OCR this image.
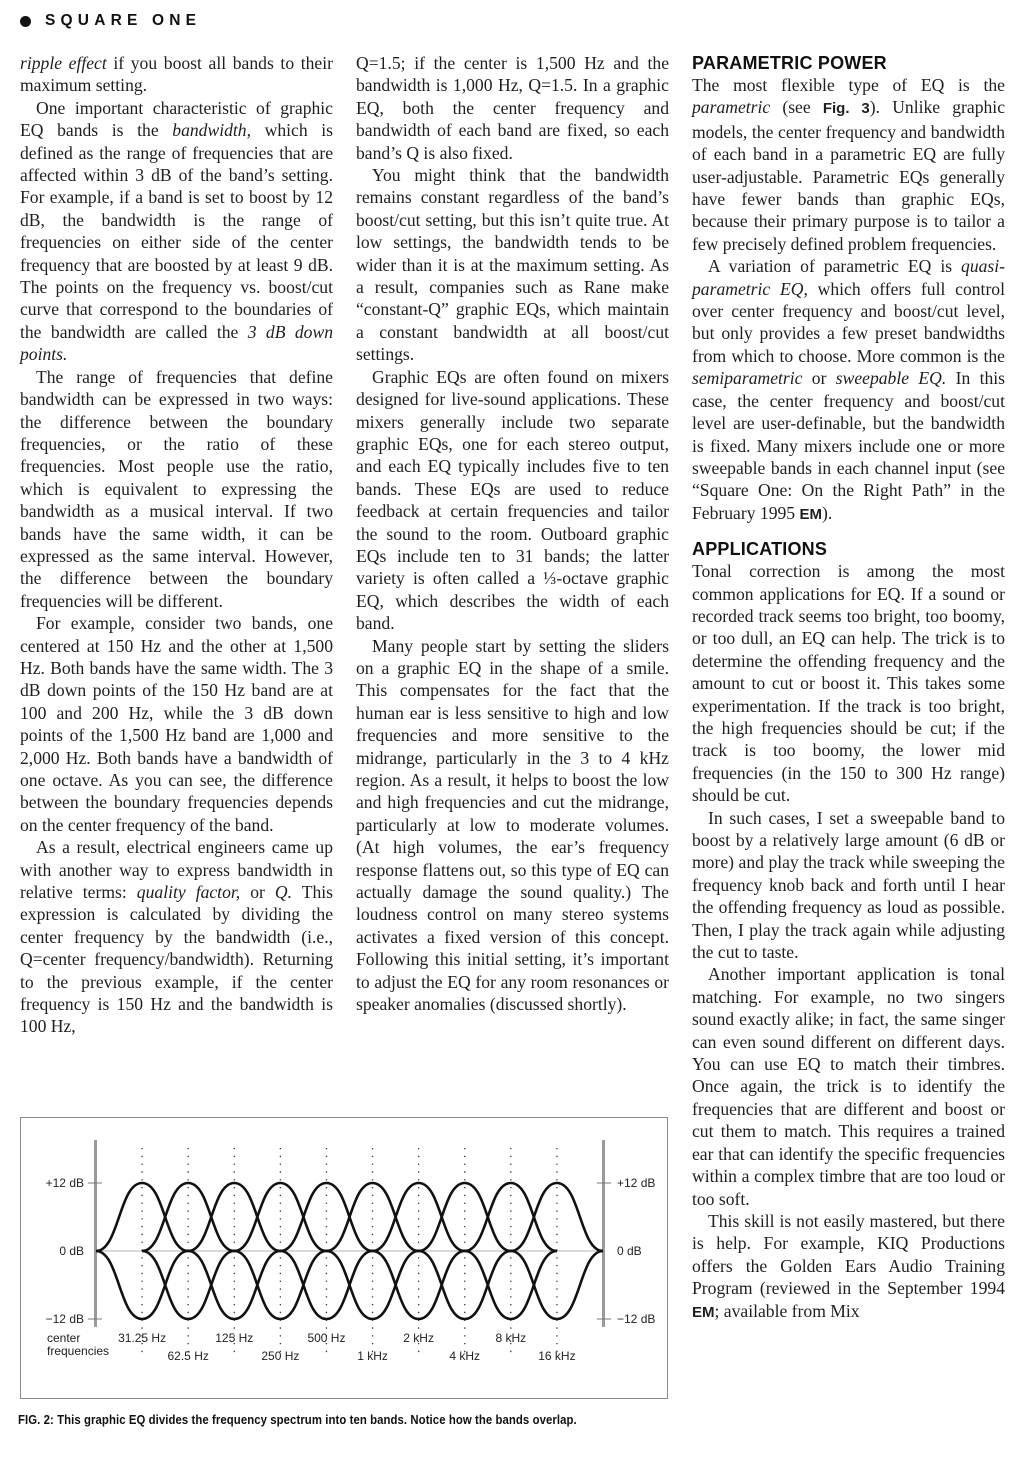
SQUARE ONE

ripple effect if you boost all bands to their maximum setting.

One important characteristic of graphic EQ bands is the bandwidth, which is defined as the range of frequencies that are affected within 3 dB of the band’s setting. For example, if a band is set to boost by 12 dB, the bandwidth is the range of frequencies on either side of the center frequency that are boosted by at least 9 dB. The points on the frequency vs. boost/cut curve that correspond to the boundaries of the bandwidth are called the 3 dB down points.

The range of frequencies that define bandwidth can be expressed in two ways: the difference between the boundary frequencies, or the ratio of these frequencies. Most people use the ratio, which is equivalent to expressing the bandwidth as a musical interval. If two bands have the same width, it can be expressed as the same interval. However, the difference between the boundary frequencies will be different.

For example, consider two bands, one centered at 150 Hz and the other at 1,500 Hz. Both bands have the same width. The 3 dB down points of the 150 Hz band are at 100 and 200 Hz, while the 3 dB down points of the 1,500 Hz band are 1,000 and 2,000 Hz. Both bands have a bandwidth of one octave. As you can see, the difference between the boundary frequencies depends on the center frequency of the band.

As a result, electrical engineers came up with another way to express bandwidth in relative terms: quality factor, or Q. This expression is calculated by dividing the center frequency by the bandwidth (i.e., Q=center frequency/bandwidth). Returning to the previous example, if the center frequency is 150 Hz and the bandwidth is 100 Hz,

Q=1.5; if the center is 1,500 Hz and the bandwidth is 1,000 Hz, Q=1.5. In a graphic EQ, both the center frequency and bandwidth of each band are fixed, so each band’s Q is also fixed.

You might think that the bandwidth remains constant regardless of the band’s boost/cut setting, but this isn’t quite true. At low settings, the bandwidth tends to be wider than it is at the maximum setting. As a result, companies such as Rane make “constant-Q” graphic EQs, which maintain a constant bandwidth at all boost/cut settings.

Graphic EQs are often found on mixers designed for live-sound applications. These mixers generally include two separate graphic EQs, one for each stereo output, and each EQ typically includes five to ten bands. These EQs are used to reduce feedback at certain frequencies and tailor the sound to the room. Outboard graphic EQs include ten to 31 bands; the latter variety is often called a ⅓-octave graphic EQ, which describes the width of each band.

Many people start by setting the sliders on a graphic EQ in the shape of a smile. This compensates for the fact that the human ear is less sensitive to high and low frequencies and more sensitive to the midrange, particularly in the 3 to 4 kHz region. As a result, it helps to boost the low and high frequencies and cut the midrange, particularly at low to moderate volumes. (At high volumes, the ear’s frequency response flattens out, so this type of EQ can actually damage the sound quality.) The loudness control on many stereo systems activates a fixed version of this concept. Following this initial setting, it’s important to adjust the EQ for any room resonances or speaker anomalies (discussed shortly).

PARAMETRIC POWER

The most flexible type of EQ is the parametric (see Fig. 3). Unlike graphic models, the center frequency and bandwidth of each band in a parametric EQ are fully user-adjustable. Parametric EQs generally have fewer bands than graphic EQs, because their primary purpose is to tailor a few precisely defined problem frequencies.

A variation of parametric EQ is quasi-parametric EQ, which offers full control over center frequency and boost/cut level, but only provides a few preset bandwidths from which to choose. More common is the semiparametric or sweepable EQ. In this case, the center frequency and boost/cut level are user-definable, but the bandwidth is fixed. Many mixers include one or more sweepable bands in each channel input (see “Square One: On the Right Path” in the February 1995 EM).

APPLICATIONS

Tonal correction is among the most common applications for EQ. If a sound or recorded track seems too bright, too boomy, or too dull, an EQ can help. The trick is to determine the offending frequency and the amount to cut or boost it. This takes some experimentation. If the track is too bright, the high frequencies should be cut; if the track is too boomy, the lower mid frequencies (in the 150 to 300 Hz range) should be cut.

In such cases, I set a sweepable band to boost by a relatively large amount (6 dB or more) and play the track while sweeping the frequency knob back and forth until I hear the offending frequency as loud as possible. Then, I play the track again while adjusting the cut to taste.

Another important application is tonal matching. For example, no two singers sound exactly alike; in fact, the same singer can even sound different on different days. You can use EQ to match their timbres. Once again, the trick is to identify the frequencies that are different and boost or cut them to match. This requires a trained ear that can identify the specific frequencies within a complex timbre that are too loud or too soft.

This skill is not easily mastered, but there is help. For example, KIQ Productions offers the Golden Ears Audio Training Program (reviewed in the September 1994 EM; available from Mix

+12 dB
0 dB
−12 dB
+12 dB
0 dB
−12 dB
center frequencies
31.25 Hz
62.5 Hz
125 Hz
250 Hz
500 Hz
1 kHz
2 kHz
4 kHz
8 kHz
16 kHz
FIG. 2: This graphic EQ divides the frequency spectrum into ten bands. Notice how the bands overlap.
